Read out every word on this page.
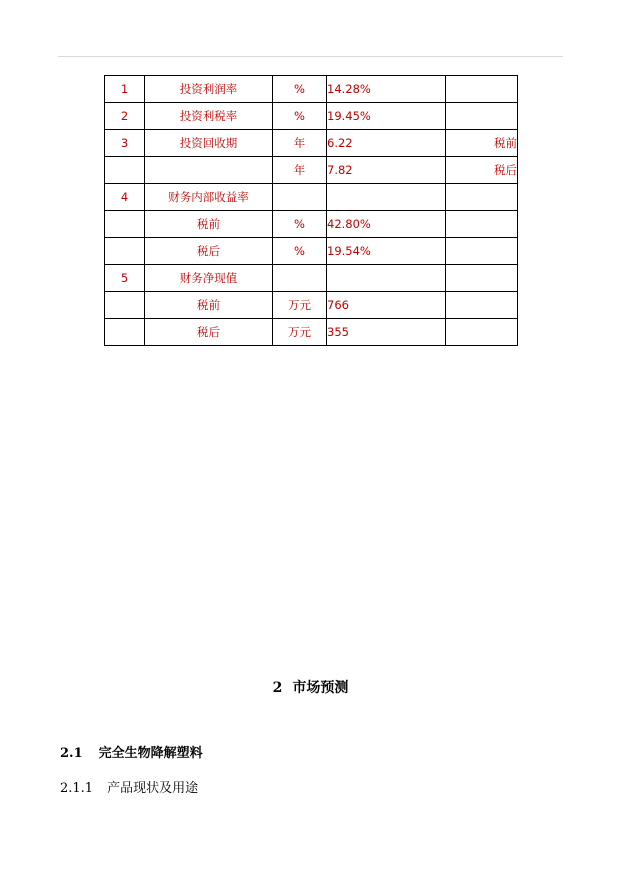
1	投资利润率	%	14.28%	
2	投资利税率	%	19.45%	
3	投资回收期	年	6.22	税前
		年	7.82	税后
4	财务内部收益率			
	税前	%	42.80%	
	税后	%	19.54%	
5	财务净现值			
	税前	万元	766	
	税后	万元	355	
2 市场预测
2.1 完全生物降解塑料
2.1.1 产品现状及用途
